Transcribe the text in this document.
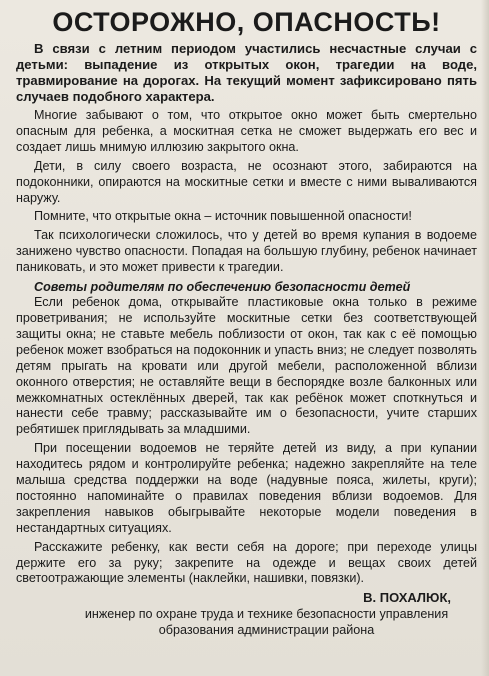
ОСТОРОЖНО, ОПАСНОСТЬ!

В связи с летним периодом участились несчастные случаи с детьми: выпадение из открытых окон, трагедии на воде, травмирование на дорогах. На текущий момент зафиксировано пять случаев подобного характера.

Многие забывают о том, что открытое окно может быть смертельно опасным для ребенка, а москитная сетка не сможет выдержать его вес и создает лишь мнимую иллюзию закрытого окна.

Дети, в силу своего возраста, не осознают этого, забираются на подоконники, опираются на москитные сетки и вместе с ними вываливаются наружу.

Помните, что открытые окна – источник повышенной опасности!

Так психологически сложилось, что у детей во время купания в водоеме занижено чувство опасности. Попадая на большую глубину, ребенок начинает паниковать, и это может привести к трагедии.

Советы родителям по обеспечению безопасности детей

Если ребенок дома, открывайте пластиковые окна только в режиме проветривания; не используйте москитные сетки без соответствующей защиты окна; не ставьте мебель поблизости от окон, так как с её помощью ребенок может взобраться на подоконник и упасть вниз; не следует позволять детям прыгать на кровати или другой мебели, расположенной вблизи оконного отверстия; не оставляйте вещи в беспорядке возле балконных или межкомнатных остеклённых дверей, так как ребёнок может споткнуться и нанести себе травму; рассказывайте им о безопасности, учите старших ребятишек приглядывать за младшими.

При посещении водоемов не теряйте детей из виду, а при купании находитесь рядом и контролируйте ребенка; надежно закрепляйте на теле малыша средства поддержки на воде (надувные пояса, жилеты, круги); постоянно напоминайте о правилах поведения вблизи водоемов. Для закрепления навыков обыгрывайте некоторые модели поведения в нестандартных ситуациях.

Расскажите ребенку, как вести себя на дороге; при переходе улицы держите его за руку; закрепите на одежде и вещах своих детей светоотражающие элементы (наклейки, нашивки, повязки).

В. ПОХАЛЮК,
инженер по охране труда и технике безопасности управления образования администрации района
